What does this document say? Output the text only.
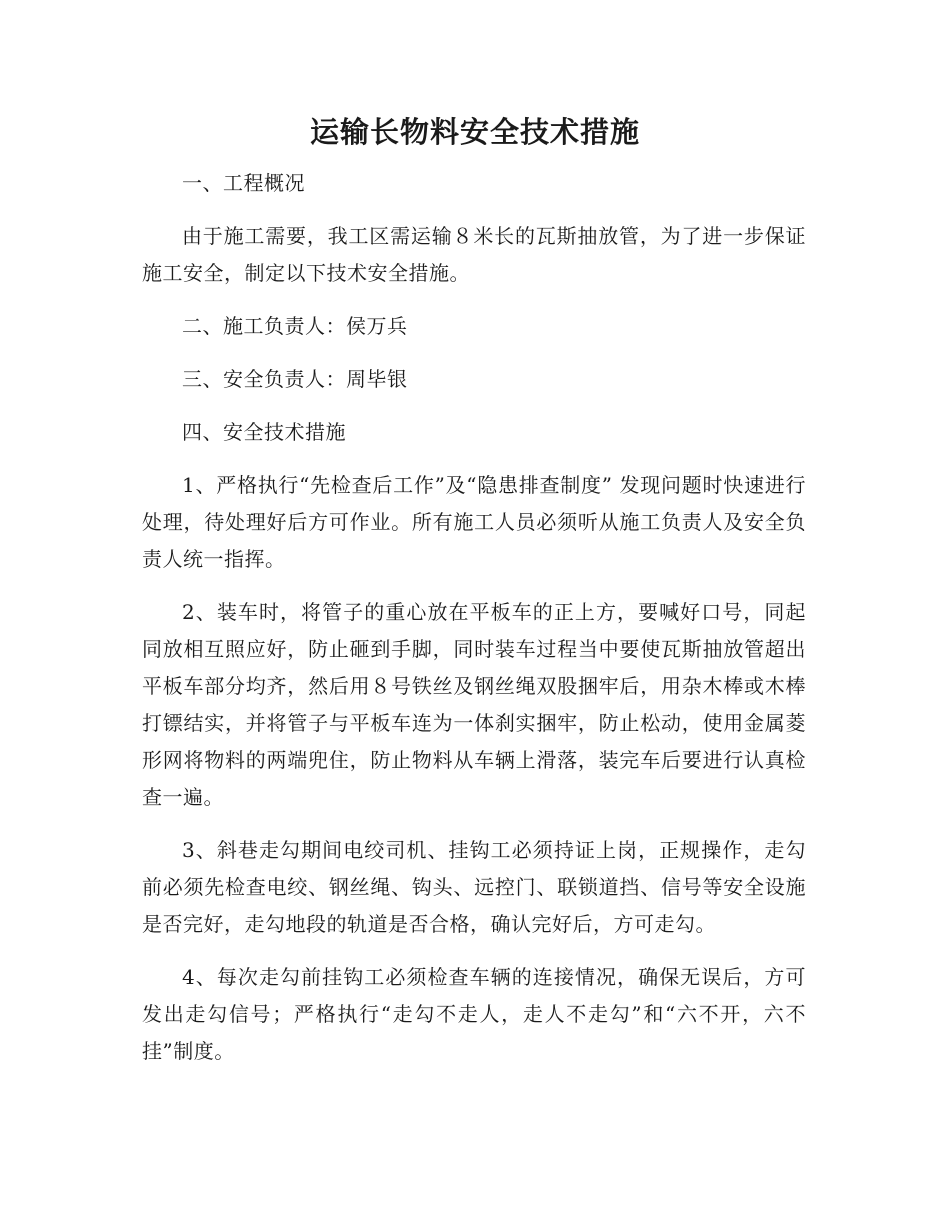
运输长物料安全技术措施

一、工程概况

由于施工需要，我工区需运输８米长的瓦斯抽放管，为了进一步保证施工安全，制定以下技术安全措施。

二、施工负责人：侯万兵

三、安全负责人：周毕银

四、安全技术措施

1、严格执行“先检查后工作”及“隐患排查制度” 发现问题时快速进行处理，待处理好后方可作业。所有施工人员必须听从施工负责人及安全负责人统一指挥。

2、装车时，将管子的重心放在平板车的正上方，要喊好口号，同起同放相互照应好，防止砸到手脚，同时装车过程当中要使瓦斯抽放管超出平板车部分均齐，然后用８号铁丝及钢丝绳双股捆牢后，用杂木棒或木棒打镖结实，并将管子与平板车连为一体刹实捆牢，防止松动，使用金属菱形网将物料的两端兜住，防止物料从车辆上滑落，装完车后要进行认真检查一遍。

3、斜巷走勾期间电绞司机、挂钩工必须持证上岗，正规操作，走勾前必须先检查电绞、钢丝绳、钩头、远控门、联锁道挡、信号等安全设施是否完好，走勾地段的轨道是否合格，确认完好后，方可走勾。

4、每次走勾前挂钩工必须检查车辆的连接情况，确保无误后，方可发出走勾信号；严格执行“走勾不走人，走人不走勾”和“六不开，六不挂”制度。
